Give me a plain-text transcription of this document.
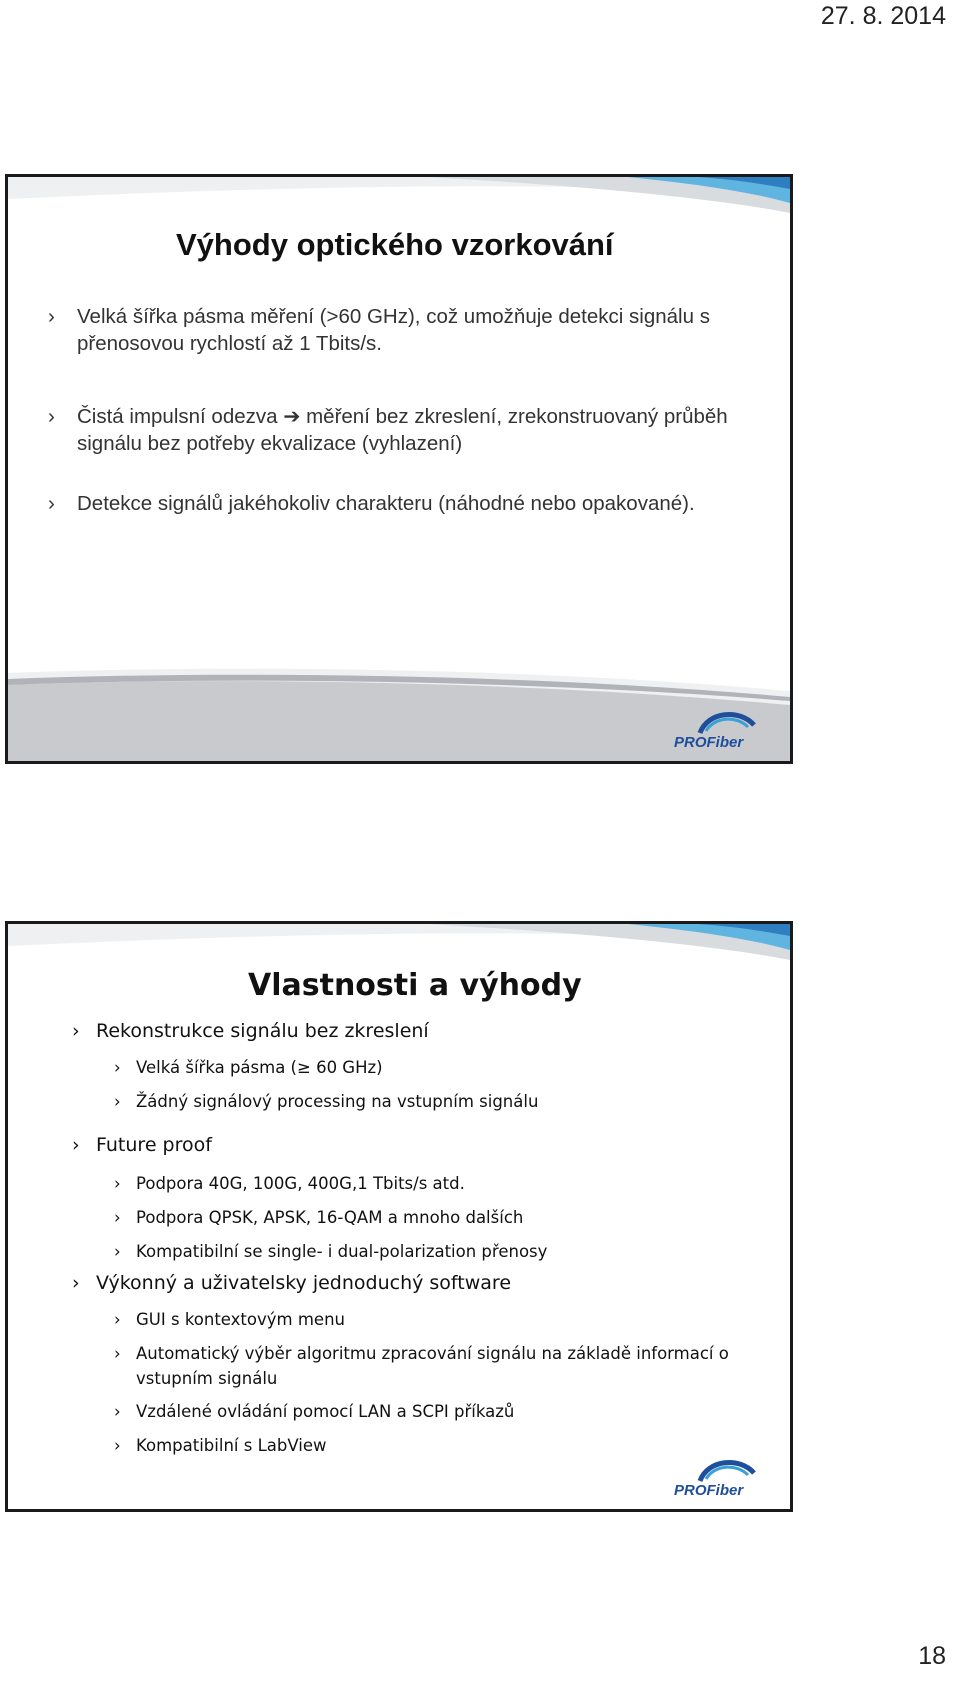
27. 8. 2014
Výhody optického vzorkování
› Velká šířka pásma měření (>60 GHz), což umožňuje detekci signálu s přenosovou rychlostí až 1 Tbits/s.
› Čistá impulsní odezva ➔ měření bez zkreslení, zrekonstruovaný průběh signálu bez potřeby ekvalizace (vyhlazení)
› Detekce signálů jakéhokoliv charakteru (náhodné nebo opakované).
PROFiber
Vlastnosti a výhody
› Rekonstrukce signálu bez zkreslení
› Velká šířka pásma (≥ 60 GHz)
› Žádný signálový processing na vstupním signálu
› Future proof
› Podpora 40G, 100G, 400G,1 Tbits/s atd.
› Podpora QPSK, APSK, 16-QAM a mnoho dalších
› Kompatibilní se single- i dual-polarization přenosy
› Výkonný a uživatelsky jednoduchý software
› GUI s kontextovým menu
› Automatický výběr algoritmu zpracování signálu na základě informací o vstupním signálu
› Vzdálené ovládání pomocí LAN a SCPI příkazů
› Kompatibilní s LabView
PROFiber
18
